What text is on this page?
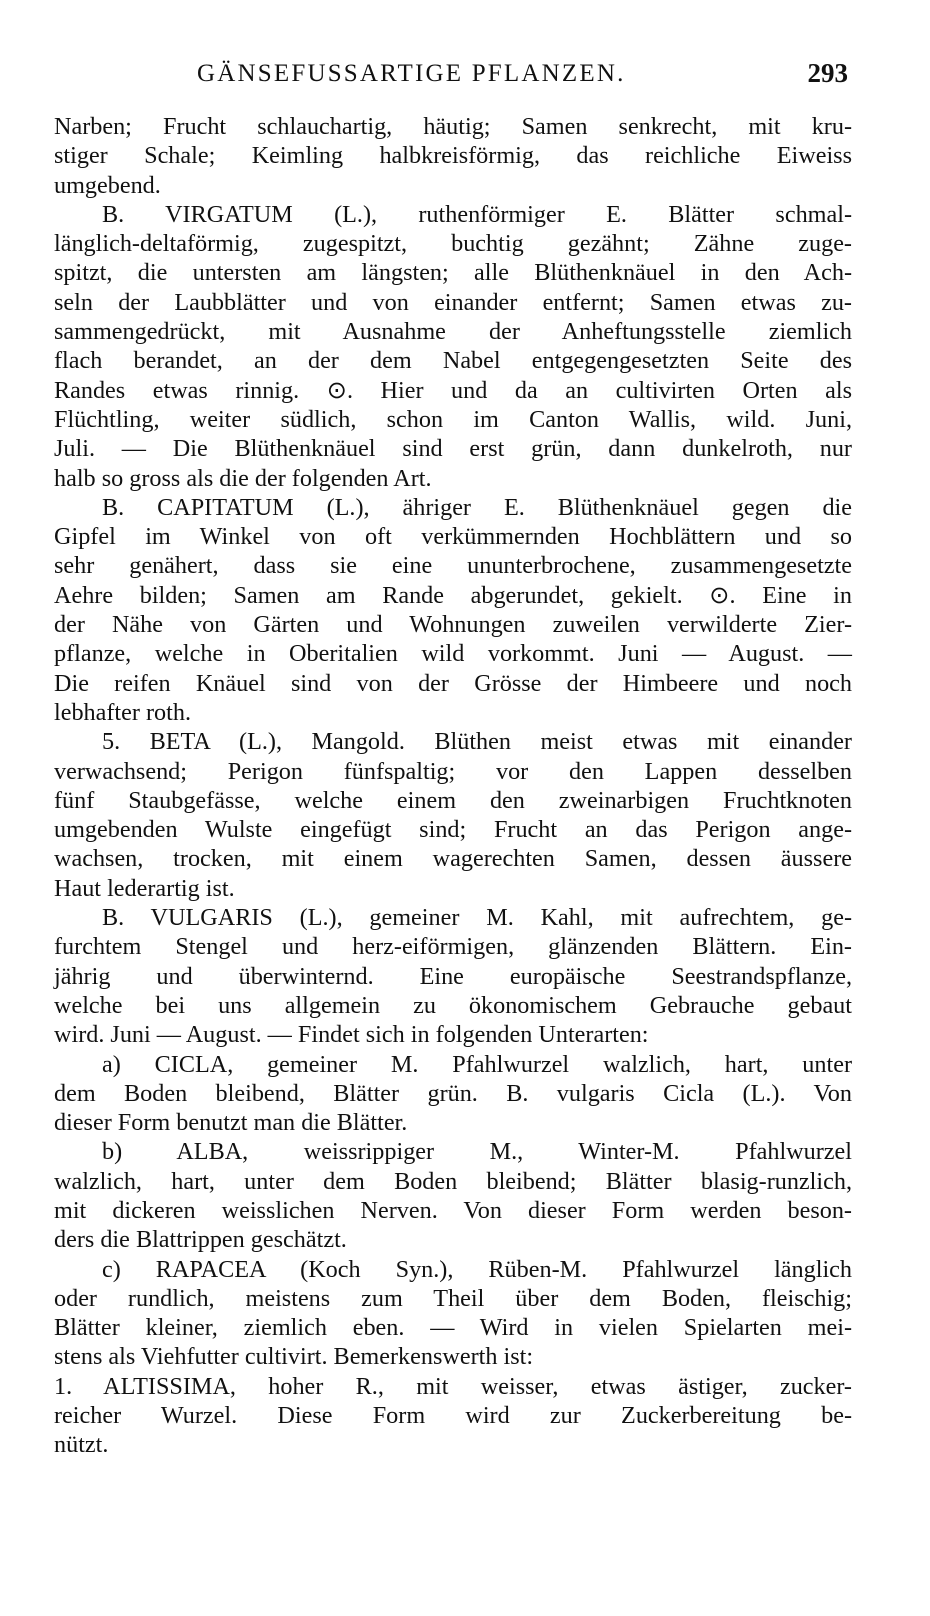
GÄNSEFUSSARTIGE PFLANZEN.	293

Narben; Frucht schlauchartig, häutig; Samen senkrecht, mit kru-
stiger Schale; Keimling halbkreisförmig, das reichliche Eiweiss
umgebend.

B. VIRGATUM (L.), ruthenförmiger E. Blätter schmal-
länglich-deltaförmig, zugespitzt, buchtig gezähnt; Zähne zuge-
spitzt, die untersten am längsten; alle Blüthenknäuel in den Ach-
seln der Laubblätter und von einander entfernt; Samen etwas zu-
sammengedrückt, mit Ausnahme der Anheftungsstelle ziemlich
flach berandet, an der dem Nabel entgegengesetzten Seite des
Randes etwas rinnig. ⊙. Hier und da an cultivirten Orten als
Flüchtling, weiter südlich, schon im Canton Wallis, wild. Juni,
Juli. — Die Blüthenknäuel sind erst grün, dann dunkelroth, nur
halb so gross als die der folgenden Art.

B. CAPITATUM (L.), ähriger E. Blüthenknäuel gegen die
Gipfel im Winkel von oft verkümmernden Hochblättern und so
sehr genähert, dass sie eine ununterbrochene, zusammengesetzte
Aehre bilden; Samen am Rande abgerundet, gekielt. ⊙. Eine in
der Nähe von Gärten und Wohnungen zuweilen verwilderte Zier-
pflanze, welche in Oberitalien wild vorkommt. Juni — August. —
Die reifen Knäuel sind von der Grösse der Himbeere und noch
lebhafter roth.

5. BETA (L.), Mangold. Blüthen meist etwas mit einander
verwachsend; Perigon fünfspaltig; vor den Lappen desselben
fünf Staubgefässe, welche einem den zweinarbigen Fruchtknoten
umgebenden Wulste eingefügt sind; Frucht an das Perigon ange-
wachsen, trocken, mit einem wagerechten Samen, dessen äussere
Haut lederartig ist.

B. VULGARIS (L.), gemeiner M. Kahl, mit aufrechtem, ge-
furchtem Stengel und herz-eiförmigen, glänzenden Blättern. Ein-
jährig und überwinternd. Eine europäische Seestrandspflanze,
welche bei uns allgemein zu ökonomischem Gebrauche gebaut
wird. Juni — August. — Findet sich in folgenden Unterarten:

a) CICLA, gemeiner M. Pfahlwurzel walzlich, hart, unter
dem Boden bleibend, Blätter grün. B. vulgaris Cicla (L.). Von
dieser Form benutzt man die Blätter.

b) ALBA, weissrippiger M., Winter-M. Pfahlwurzel
walzlich, hart, unter dem Boden bleibend; Blätter blasig-runzlich,
mit dickeren weisslichen Nerven. Von dieser Form werden beson-
ders die Blattrippen geschätzt.

c) RAPACEA (Koch Syn.), Rüben-M. Pfahlwurzel länglich
oder rundlich, meistens zum Theil über dem Boden, fleischig;
Blätter kleiner, ziemlich eben. — Wird in vielen Spielarten mei-
stens als Viehfutter cultivirt. Bemerkenswerth ist:

1. ALTISSIMA, hoher R., mit weisser, etwas ästiger, zucker-
reicher Wurzel. Diese Form wird zur Zuckerbereitung be-
nützt.
